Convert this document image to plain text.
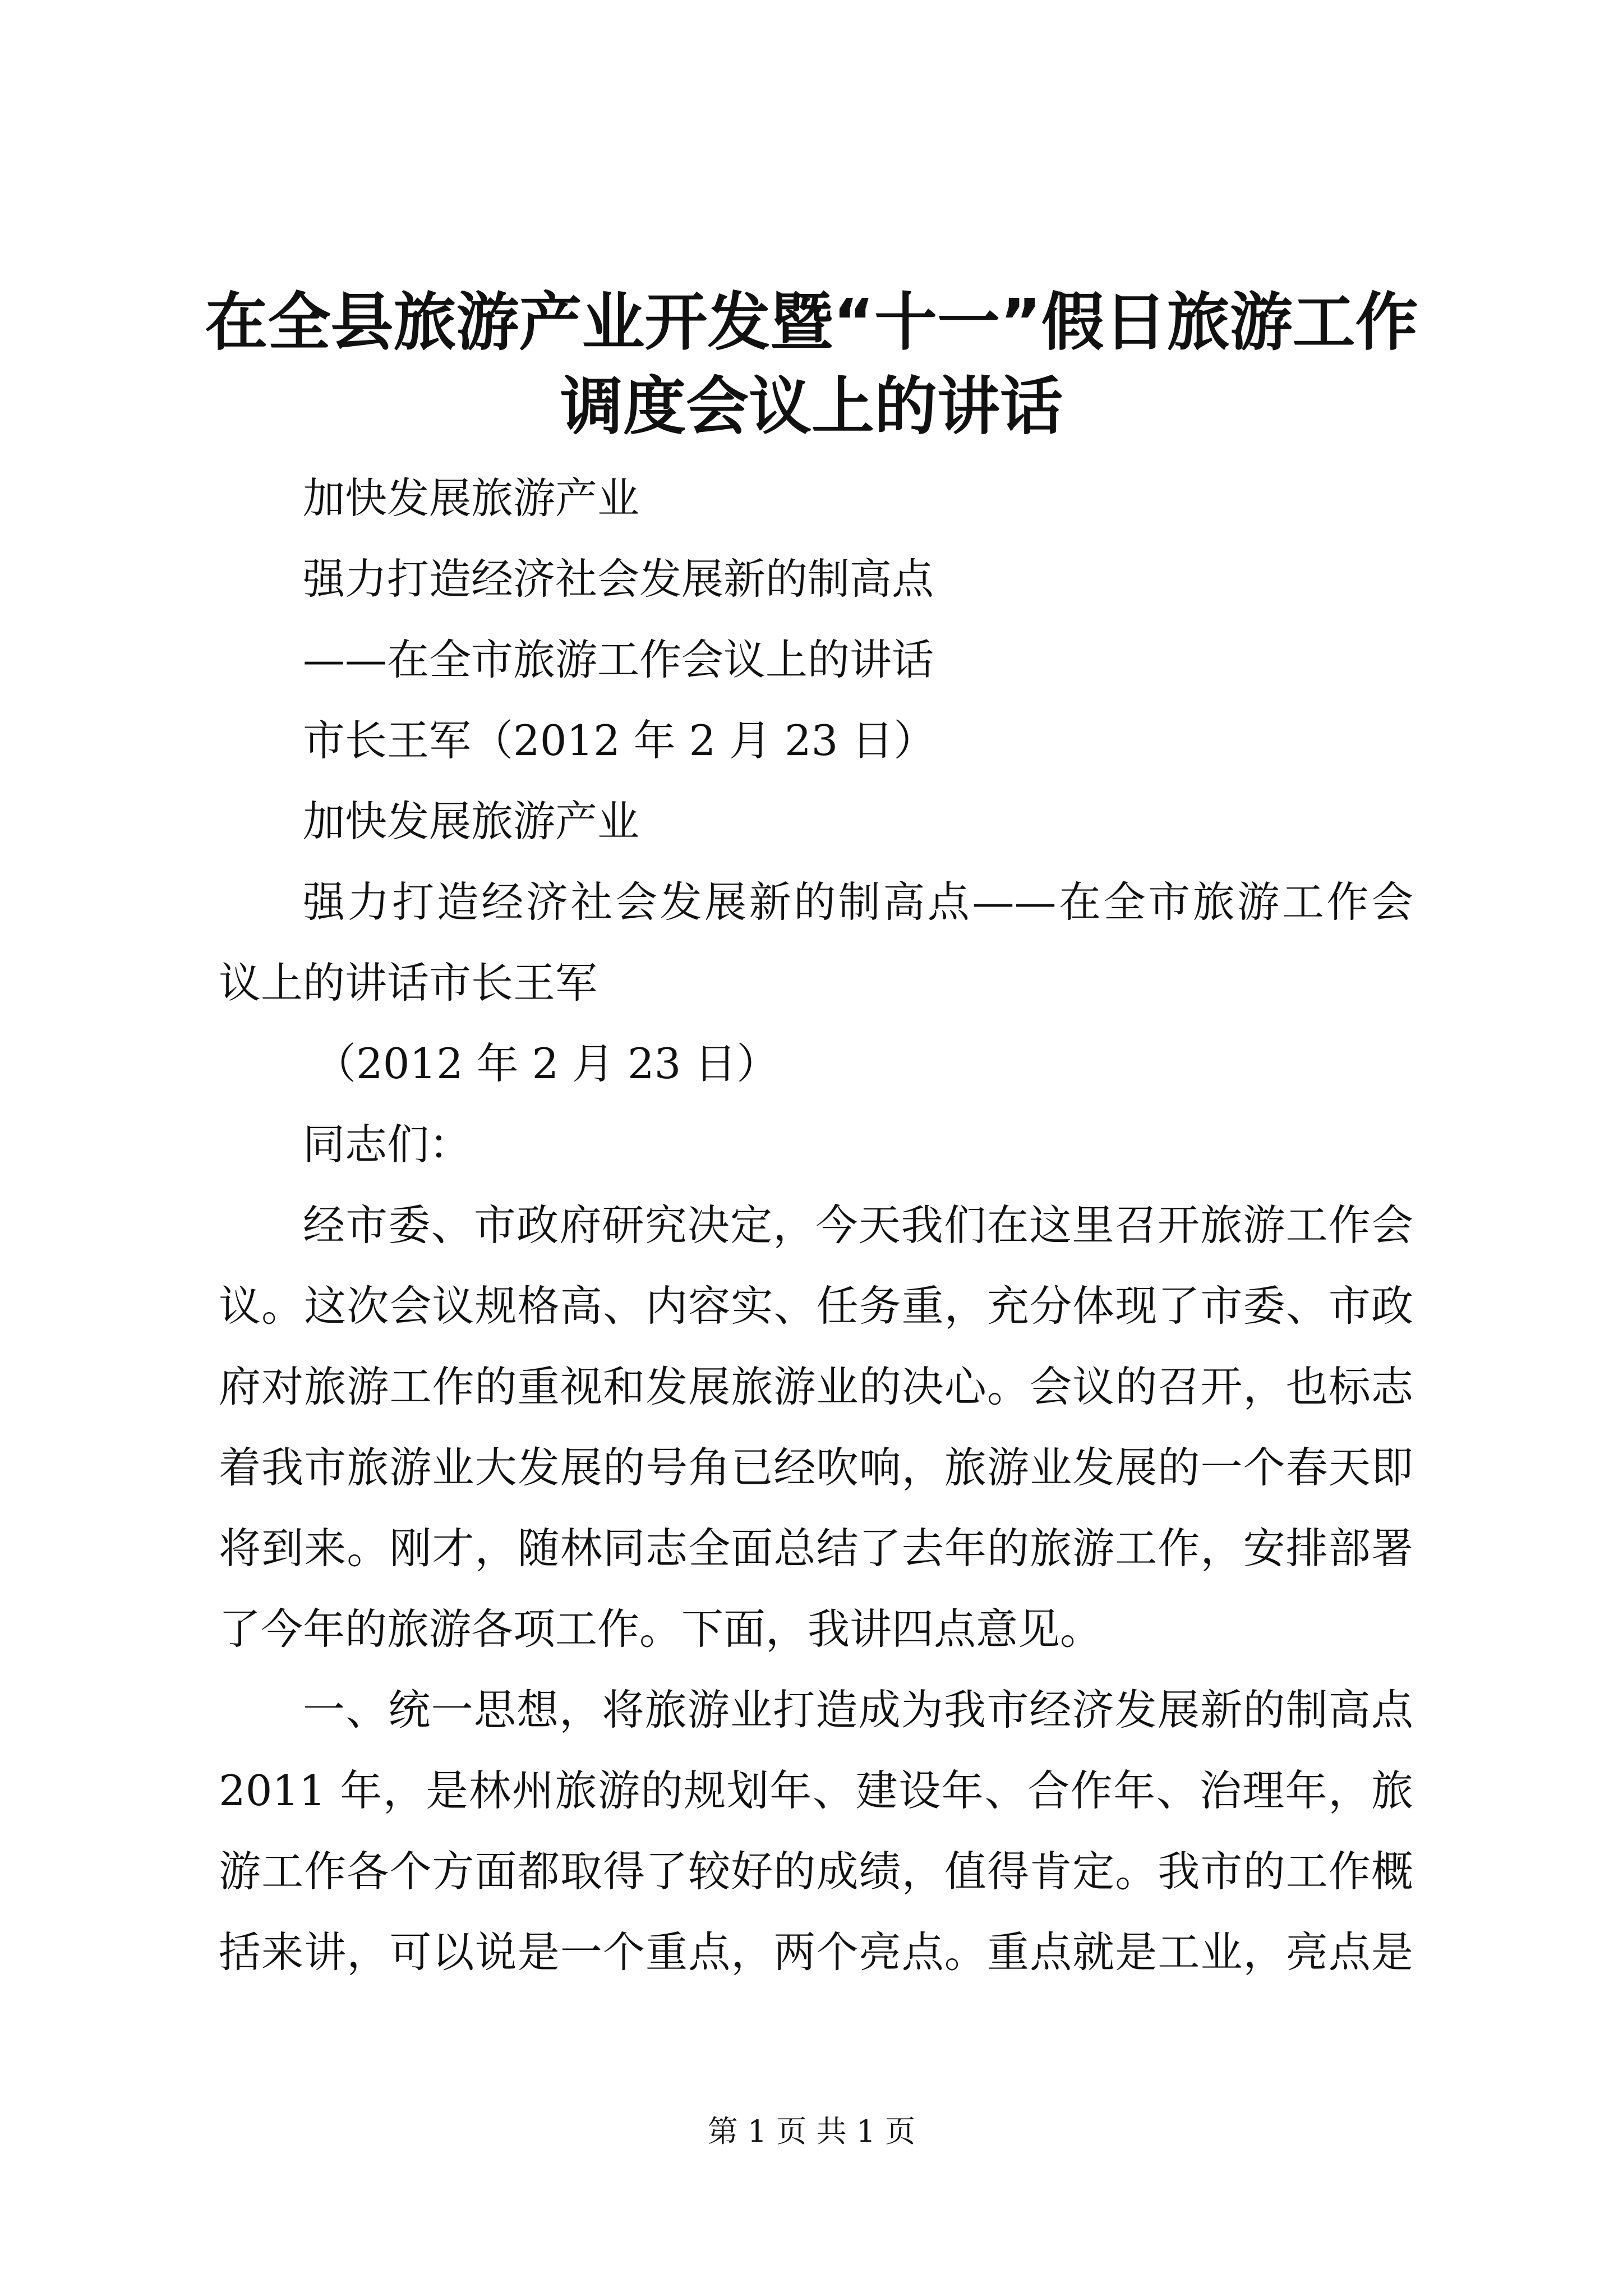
在全县旅游产业开发暨“十一”假日旅游工作
调度会议上的讲话
加快发展旅游产业
强力打造经济社会发展新的制高点
——在全市旅游工作会议上的讲话
市长王军（2012 年 2 月 23 日）
加快发展旅游产业
强力打造经济社会发展新的制高点——在全市旅游工作会
议上的讲话市长王军
（2012 年 2 月 23 日）
同志们：
经市委、市政府研究决定，今天我们在这里召开旅游工作会
议。这次会议规格高、内容实、任务重，充分体现了市委、市政
府对旅游工作的重视和发展旅游业的决心。会议的召开，也标志
着我市旅游业大发展的号角已经吹响，旅游业发展的一个春天即
将到来。刚才，随林同志全面总结了去年的旅游工作，安排部署
了今年的旅游各项工作。下面，我讲四点意见。
一、统一思想，将旅游业打造成为我市经济发展新的制高点
2011 年，是林州旅游的规划年、建设年、合作年、治理年，旅
游工作各个方面都取得了较好的成绩，值得肯定。我市的工作概
括来讲，可以说是一个重点，两个亮点。重点就是工业，亮点是
第 1 页 共 1 页
